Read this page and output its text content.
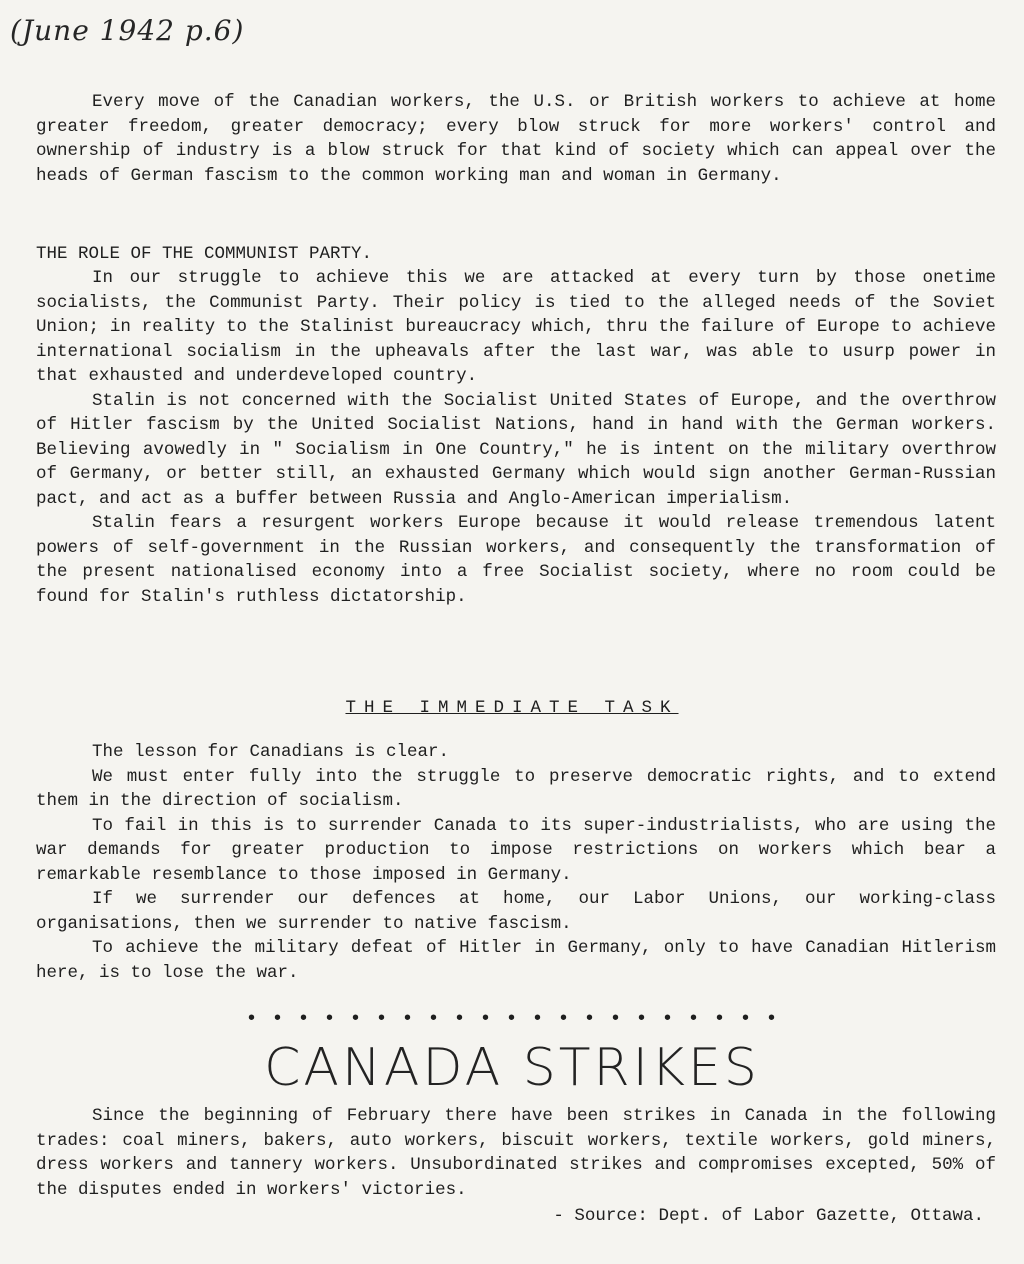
(June 1942 p.6)

Every move of the Canadian workers, the U.S. or British workers to achieve at home greater freedom, greater democracy; every blow struck for more workers' control and ownership of industry is a blow struck for that kind of society which can appeal over the heads of German fascism to the common working man and woman in Germany.

THE ROLE OF THE COMMUNIST PARTY.

In our struggle to achieve this we are attacked at every turn by those onetime socialists, the Communist Party. Their policy is tied to the alleged needs of the Soviet Union; in reality to the Stalinist bureaucracy which, thru the failure of Europe to achieve international socialism in the upheavals after the last war, was able to usurp power in that exhausted and underdeveloped country.

Stalin is not concerned with the Socialist United States of Europe, and the overthrow of Hitler fascism by the United Socialist Nations, hand in hand with the German workers. Believing avowedly in " Socialism in One Country," he is intent on the military overthrow of Germany, or better still, an exhausted Germany which would sign another German-Russian pact, and act as a buffer between Russia and Anglo-American imperialism.

Stalin fears a resurgent workers Europe because it would release tremendous latent powers of self-government in the Russian workers, and consequently the transformation of the present nationalised economy into a free Socialist society, where no room could be found for Stalin's ruthless dictatorship.

THE IMMEDIATE TASK

The lesson for Canadians is clear.

We must enter fully into the struggle to preserve democratic rights, and to extend them in the direction of socialism.

To fail in this is to surrender Canada to its super-industrialists, who are using the war demands for greater production to impose restrictions on workers which bear a remarkable resemblance to those imposed in Germany.

If we surrender our defences at home, our Labor Unions, our working-class organisations, then we surrender to native fascism.

To achieve the military defeat of Hitler in Germany, only to have Canadian Hitlerism here, is to lose the war.

• • • • • • • • • • • • • • • • • • • • •
CANADA STRIKES

Since the beginning of February there have been strikes in Canada in the following trades: coal miners, bakers, auto workers, biscuit workers, textile workers, gold miners, dress workers and tannery workers. Unsubordinated strikes and compromises excepted, 50% of the disputes ended in workers' victories.

- Source: Dept. of Labor Gazette, Ottawa.
